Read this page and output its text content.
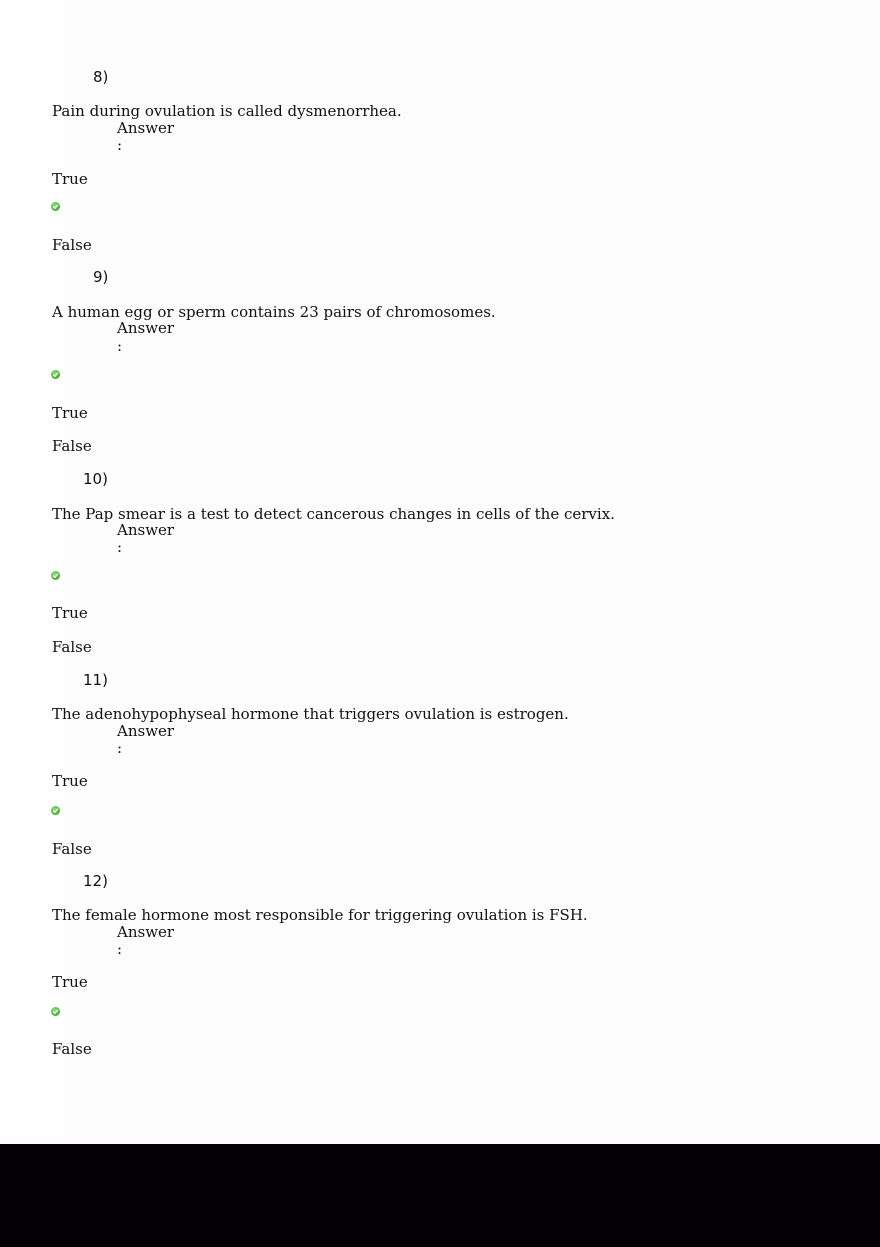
8)
Pain during ovulation is called dysmenorrhea.
Answer
:
True
False
9)
A human egg or sperm contains 23 pairs of chromosomes.
Answer
:
True
False
10)
The Pap smear is a test to detect cancerous changes in cells of the cervix.
Answer
:
True
False
11)
The adenohypophyseal hormone that triggers ovulation is estrogen.
Answer
:
True
False
12)
The female hormone most responsible for triggering ovulation is FSH.
Answer
:
True
False
